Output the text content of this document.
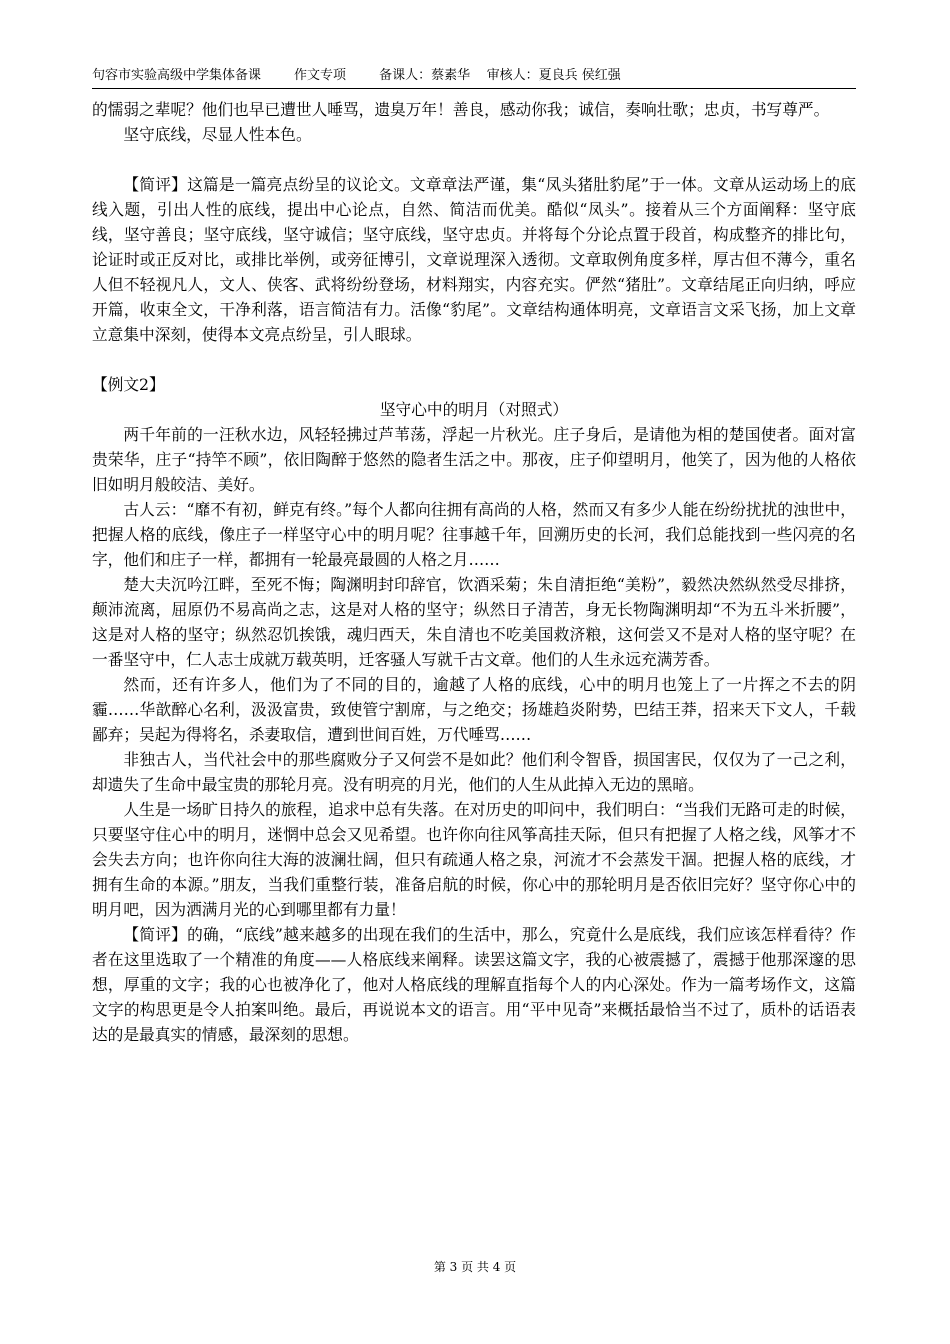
句容市实验高级中学集体备课        作文专项        备课人：蔡素华    审核人：夏良兵 侯红强

的懦弱之辈呢？他们也早已遭世人唾骂，遗臭万年！善良，感动你我；诚信，奏响壮歌；忠贞，书写尊严。

坚守底线，尽显人性本色。

【简评】这篇是一篇亮点纷呈的议论文。文章章法严谨，集“凤头猪肚豹尾”于一体。文章从运动场上的底线入题，引出人性的底线，提出中心论点，自然、简洁而优美。酷似“凤头”。接着从三个方面阐释：坚守底线，坚守善良；坚守底线，坚守诚信；坚守底线，坚守忠贞。并将每个分论点置于段首，构成整齐的排比句，论证时或正反对比，或排比举例，或旁征博引，文章说理深入透彻。文章取例角度多样，厚古但不薄今，重名人但不轻视凡人，文人、侠客、武将纷纷登场，材料翔实，内容充实。俨然“猪肚”。文章结尾正向归纳，呼应开篇，收束全文，干净利落，语言简洁有力。活像“豹尾”。文章结构通体明亮，文章语言文采飞扬，加上文章立意集中深刻，使得本文亮点纷呈，引人眼球。

【例文2】

坚守心中的明月（对照式）

两千年前的一汪秋水边，风轻轻拂过芦苇荡，浮起一片秋光。庄子身后，是请他为相的楚国使者。面对富贵荣华，庄子“持竿不顾”，依旧陶醉于悠然的隐者生活之中。那夜，庄子仰望明月，他笑了，因为他的人格依旧如明月般皎洁、美好。

古人云：“靡不有初，鲜克有终。”每个人都向往拥有高尚的人格，然而又有多少人能在纷纷扰扰的浊世中，把握人格的底线，像庄子一样坚守心中的明月呢？往事越千年，回溯历史的长河，我们总能找到一些闪亮的名字，他们和庄子一样，都拥有一轮最亮最圆的人格之月……

楚大夫沉吟江畔，至死不悔；陶渊明封印辞官，饮酒采菊；朱自清拒绝“美粉”，毅然决然纵然受尽排挤，颠沛流离，屈原仍不易高尚之志，这是对人格的坚守；纵然日子清苦，身无长物陶渊明却“不为五斗米折腰”，这是对人格的坚守；纵然忍饥挨饿，魂归西天，朱自清也不吃美国救济粮，这何尝又不是对人格的坚守呢？在一番坚守中，仁人志士成就万载英明，迁客骚人写就千古文章。他们的人生永远充满芳香。

然而，还有许多人，他们为了不同的目的，逾越了人格的底线，心中的明月也笼上了一片挥之不去的阴霾……华歆醉心名利，汲汲富贵，致使管宁割席，与之绝交；扬雄趋炎附势，巴结王莽，招来天下文人，千载鄙弃；吴起为得将名，杀妻取信，遭到世间百姓，万代唾骂……

非独古人，当代社会中的那些腐败分子又何尝不是如此？他们利令智昏，损国害民，仅仅为了一己之利，却遗失了生命中最宝贵的那轮月亮。没有明亮的月光，他们的人生从此掉入无边的黑暗。

人生是一场旷日持久的旅程，追求中总有失落。在对历史的叩问中，我们明白：“当我们无路可走的时候，只要坚守住心中的明月，迷惘中总会又见希望。也许你向往风筝高挂天际，但只有把握了人格之线，风筝才不会失去方向；也许你向往大海的波澜壮阔，但只有疏通人格之泉，河流才不会蒸发干涸。把握人格的底线，才拥有生命的本源。”朋友，当我们重整行装，准备启航的时候，你心中的那轮明月是否依旧完好？坚守你心中的明月吧，因为洒满月光的心到哪里都有力量！

【简评】的确，“底线”越来越多的出现在我们的生活中，那么，究竟什么是底线，我们应该怎样看待？作者在这里选取了一个精准的角度——人格底线来阐释。读罢这篇文字，我的心被震撼了，震撼于他那深邃的思想，厚重的文字；我的心也被净化了，他对人格底线的理解直指每个人的内心深处。作为一篇考场作文，这篇文字的构思更是令人拍案叫绝。最后，再说说本文的语言。用“平中见奇”来概括最恰当不过了，质朴的话语表达的是最真实的情感，最深刻的思想。

第 3 页 共 4 页
